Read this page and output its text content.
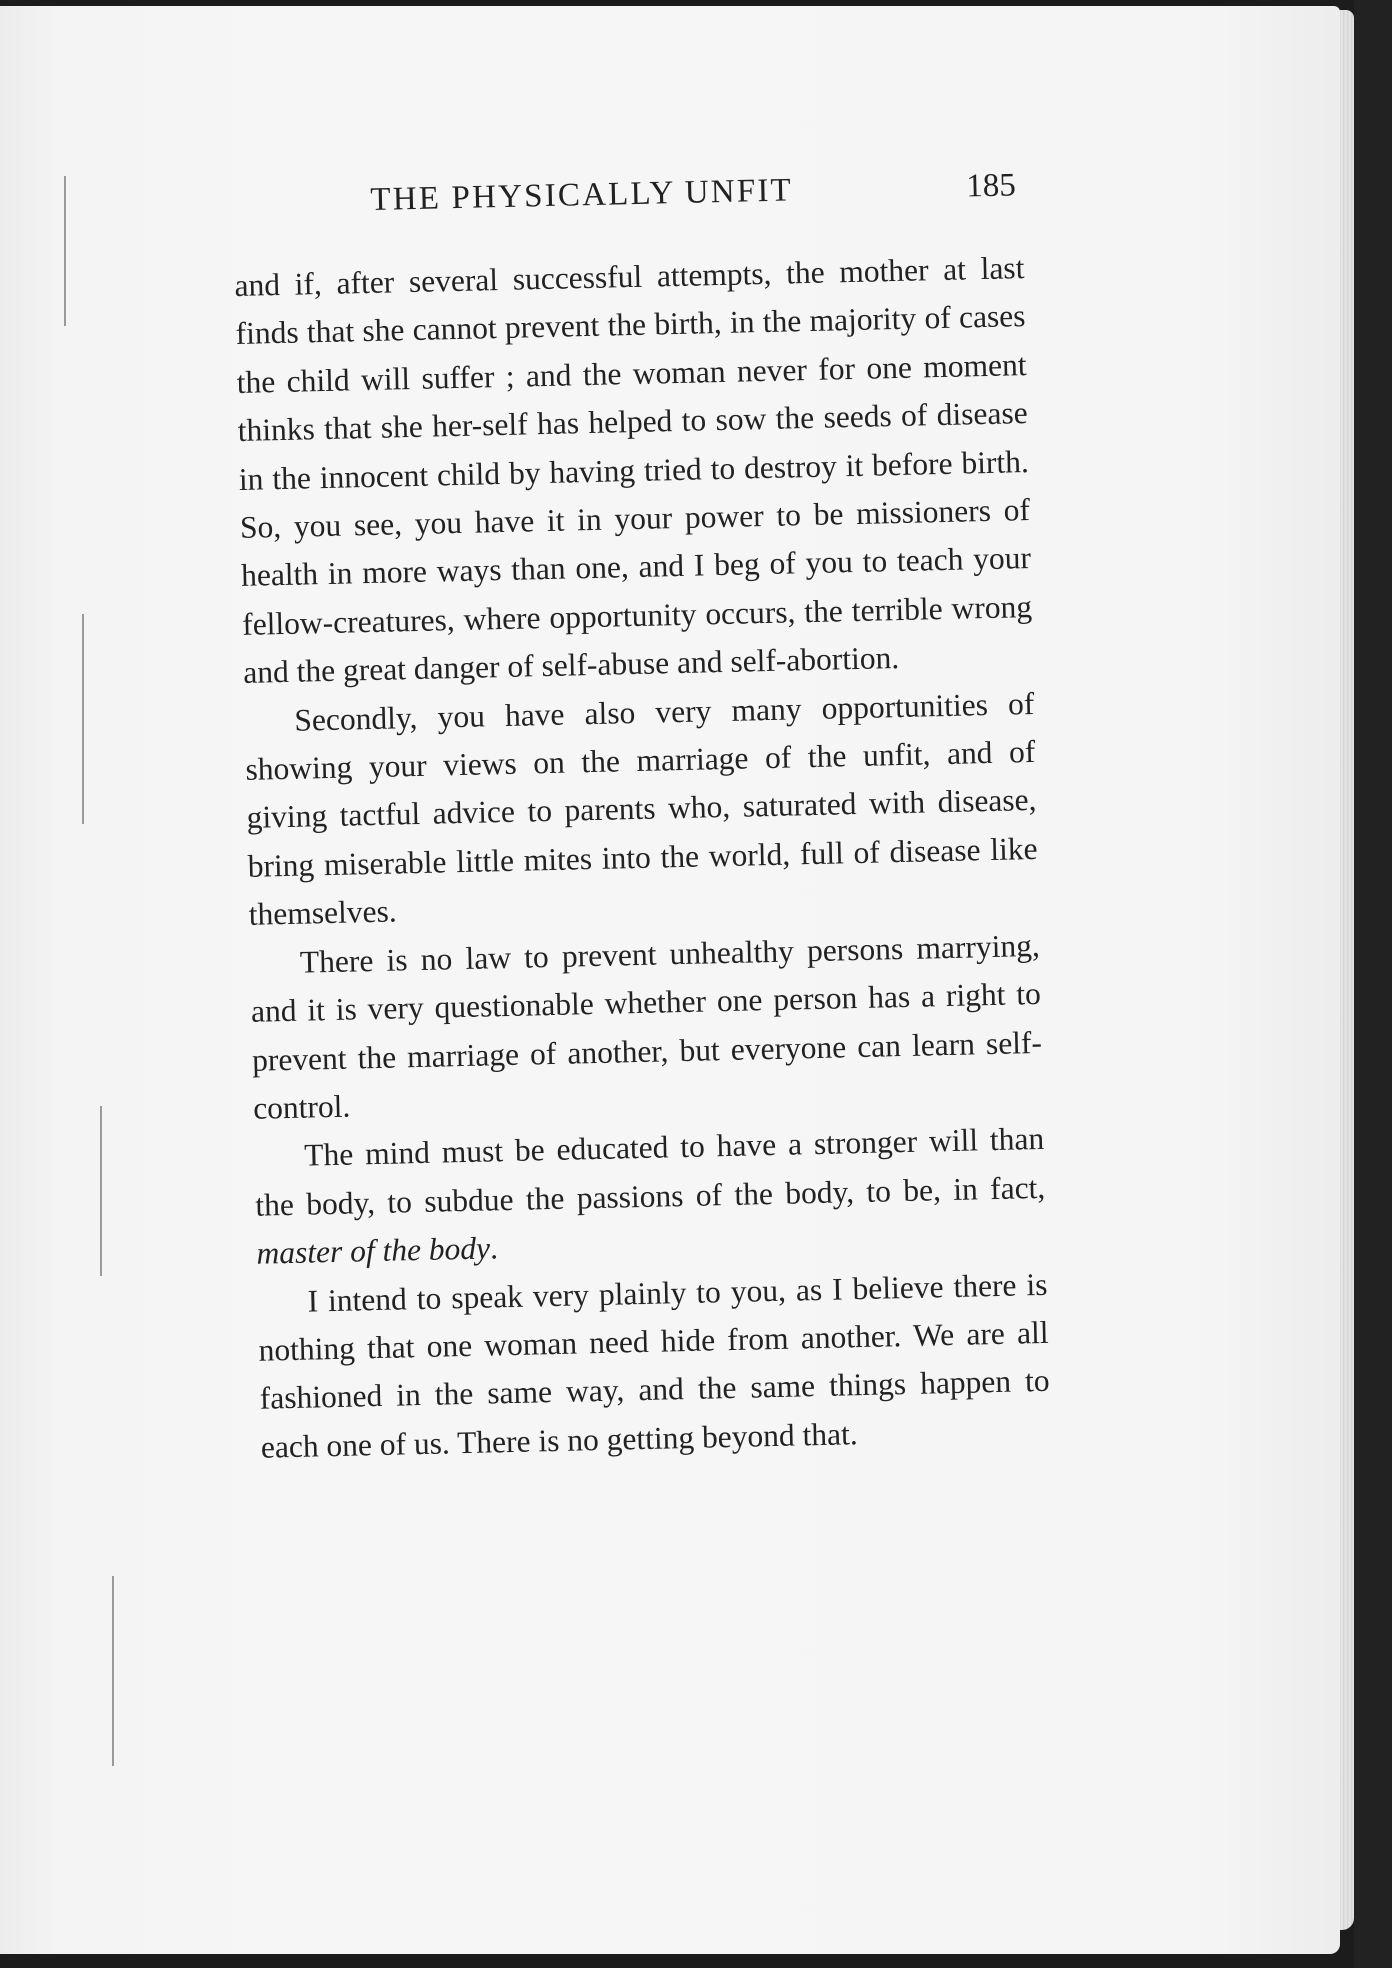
THE PHYSICALLY UNFIT	185

and if, after several successful attempts, the mother at last finds that she cannot prevent the birth, in the majority of cases the child will suffer ; and the woman never for one moment thinks that she her-self has helped to sow the seeds of disease in the innocent child by having tried to destroy it before birth. So, you see, you have it in your power to be missioners of health in more ways than one, and I beg of you to teach your fellow-creatures, where opportunity occurs, the terrible wrong and the great danger of self-abuse and self-abortion.

Secondly, you have also very many opportunities of showing your views on the marriage of the unfit, and of giving tactful advice to parents who, saturated with disease, bring miserable little mites into the world, full of disease like themselves.

There is no law to prevent unhealthy persons marrying, and it is very questionable whether one person has a right to prevent the marriage of another, but everyone can learn self-control.

The mind must be educated to have a stronger will than the body, to subdue the passions of the body, to be, in fact, master of the body.

I intend to speak very plainly to you, as I believe there is nothing that one woman need hide from another. We are all fashioned in the same way, and the same things happen to each one of us. There is no getting beyond that.
